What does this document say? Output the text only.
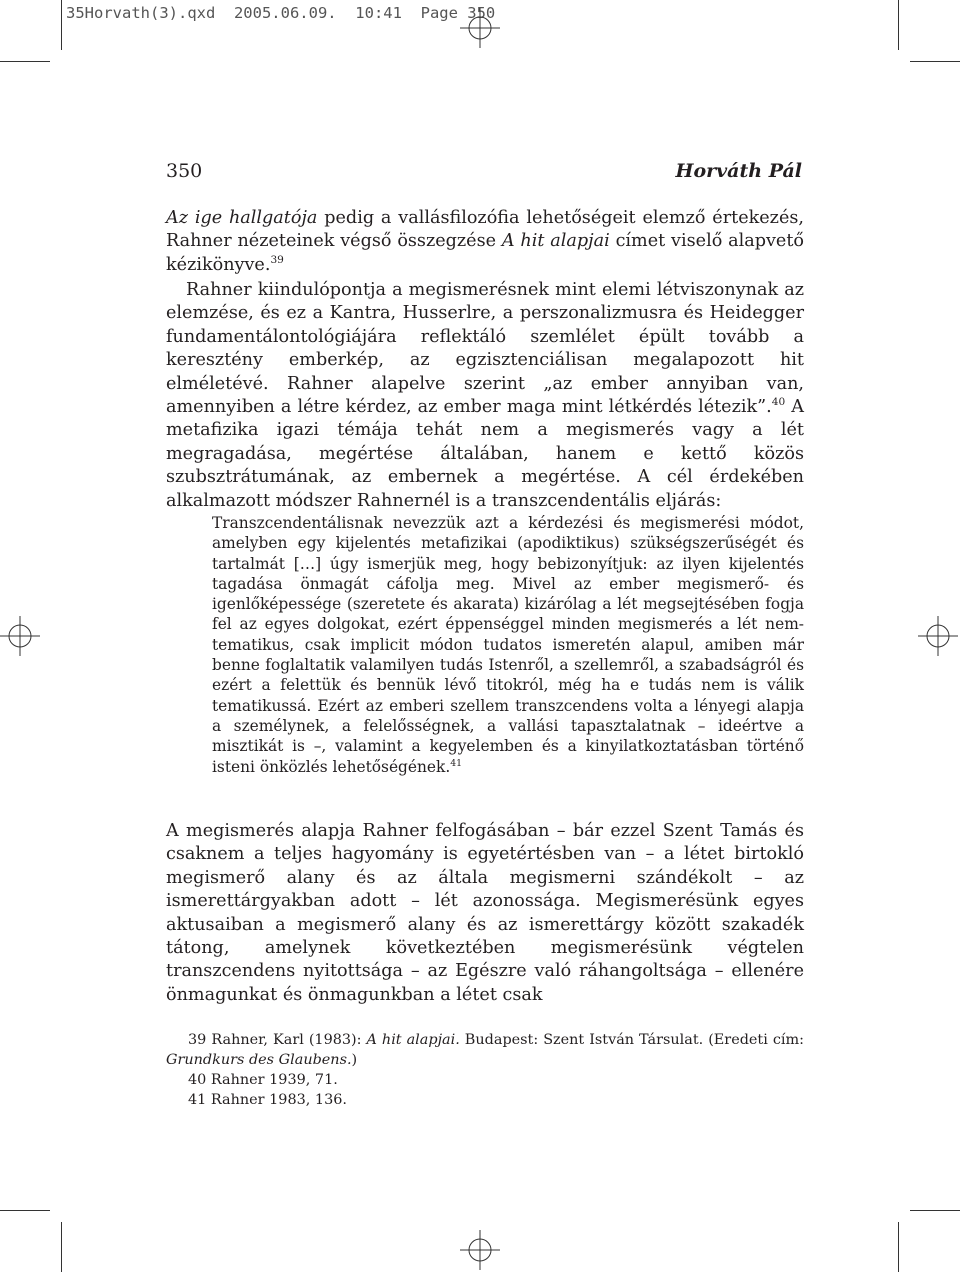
35Horvath(3).qxd  2005.06.09.  10:41  Page 350
350	Horváth Pál
Az ige hallgatója pedig a vallásfilozófia lehetőségeit elemző értekezés, Rahner nézeteinek végső összegzése A hit alapjai címet viselő alapvető kézikönyve.$^{39}$
Rahner kiindulópontja a megismerésnek mint elemi létviszonynak az elemzése, és ez a Kantra, Husserlre, a perszonalizmusra és Heidegger fundamentálontológiájára reflektáló szemlélet épült tovább a keresztény emberkép, az egzisztenciálisan megalapozott hit elméletévé. Rahner alapelve szerint „az ember annyiban van, amennyiben a létre kérdez, az ember maga mint létkérdés létezik”.$^{40}$ A metafizika igazi témája tehát nem a megismerés vagy a lét megragadása, megértése általában, hanem e kettő közös szubsztrátumának, az embernek a megértése. A cél érdekében alkalmazott módszer Rahnernél is a transzcendentális eljárás:
Transzcendentálisnak nevezzük azt a kérdezési és megismerési módot, amelyben egy kijelentés metafizikai (apodiktikus) szükségszerűségét és tartalmát […] úgy ismerjük meg, hogy bebizonyítjuk: az ilyen kijelentés tagadása önmagát cáfolja meg. Mivel az ember megismerő- és igenlőképessége (szeretete és akarata) kizárólag a lét megsejtésében fogja fel az egyes dolgokat, ezért éppenséggel minden megismerés a lét nem-tematikus, csak implicit módon tudatos ismeretén alapul, amiben már benne foglaltatik valamilyen tudás Istenről, a szellemről, a szabadságról és ezért a felettük és bennük lévő titokról, még ha e tudás nem is válik tematikussá. Ezért az emberi szellem transzcendens volta a lényegi alapja a személynek, a felelősségnek, a vallási tapasztalatnak – ideértve a misztikát is –, valamint a kegyelemben és a kinyilatkoztatásban történő isteni önközlés lehetőségének.$^{41}$
A megismerés alapja Rahner felfogásában – bár ezzel Szent Tamás és csaknem a teljes hagyomány is egyetértésben van – a létet birtokló megismerő alany és az általa megismerni szándékolt – az ismerettárgyakban adott – lét azonossága. Megismerésünk egyes aktusaiban a megismerő alany és az ismerettárgy között szakadék tátong, amelynek következtében megismerésünk végtelen transzcendens nyitottsága – az Egészre való ráhangoltsága – ellenére önmagunkat és önmagunkban a létet csak
39 Rahner, Karl (1983): A hit alapjai. Budapest: Szent István Társulat. (Eredeti cím: Grundkurs des Glaubens.)
40 Rahner 1939, 71.
41 Rahner 1983, 136.
